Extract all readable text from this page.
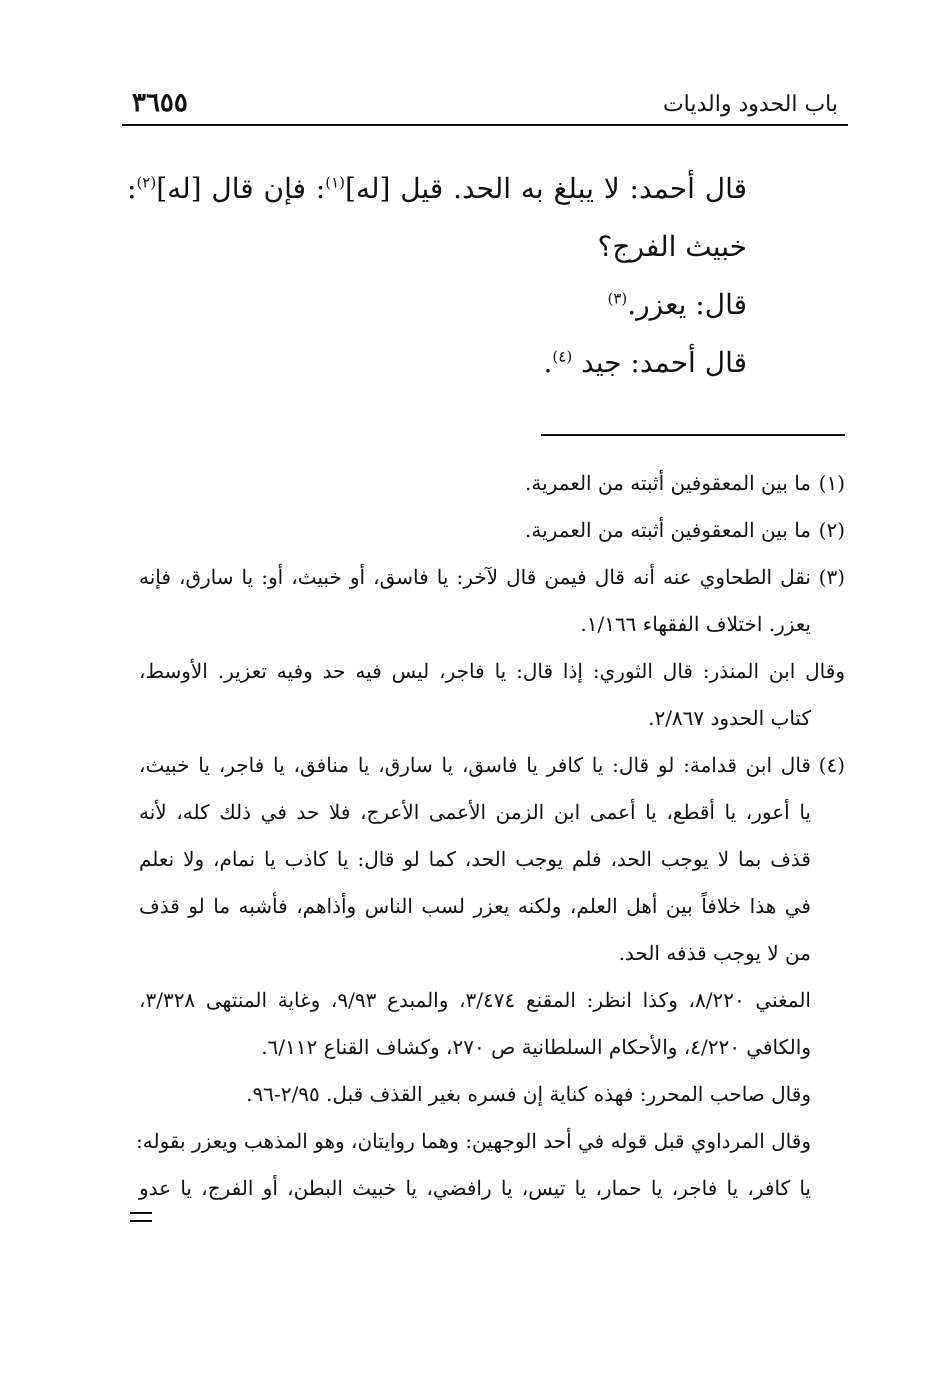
٣٦٥٥	باب الحدود والديات
قال أحمد: لا يبلغ به الحد. قيل [له]$^{(١)}$: فإن قال [له]$^{(٢)}$:
خبيث الفرج؟
قال: يعزر.$^{(٣)}$
قال أحمد: جيد $^{(٤)}$.
(١)ما بين المعقوفين أثبته من العمرية.
(٢)ما بين المعقوفين أثبته من العمرية.
(٣)نقل الطحاوي عنه أنه قال فيمن قال لآخر: يا فاسق، أو خبيث، أو: يا سارق، فإنه
يعزر. اختلاف الفقهاء ١/١٦٦.
وقال ابن المنذر: قال الثوري: إذا قال: يا فاجر، ليس فيه حد وفيه تعزير. الأوسط،
كتاب الحدود ٢/٨٦٧.
(٤)قال ابن قدامة: لو قال: يا كافر يا فاسق، يا سارق، يا منافق، يا فاجر، يا خبيث،
يا أعور، يا أقطع، يا أعمى ابن الزمن الأعمى الأعرج، فلا حد في ذلك كله، لأنه
قذف بما لا يوجب الحد، فلم يوجب الحد، كما لو قال: يا كاذب يا نمام، ولا نعلم
في هذا خلافاً بين أهل العلم، ولكنه يعزر لسب الناس وأذاهم، فأشبه ما لو قذف
من لا يوجب قذفه الحد.
المغني ٨/٢٢٠، وكذا انظر: المقنع ٣/٤٧٤، والمبدع ٩/٩٣، وغاية المنتهى ٣/٣٢٨،
والكافي ٤/٢٢٠، والأحكام السلطانية ص ٢٧٠، وكشاف القناع ٦/١١٢.
وقال صاحب المحرر: فهذه كناية إن فسره بغير القذف قبل. ٢/٩٥-٩٦.
وقال المرداوي قبل قوله في أحد الوجهين: وهما روايتان، وهو المذهب ويعزر بقوله:
يا كافر، يا فاجر، يا حمار، يا تيس، يا رافضي، يا خبيث البطن، أو الفرج، يا عدو
